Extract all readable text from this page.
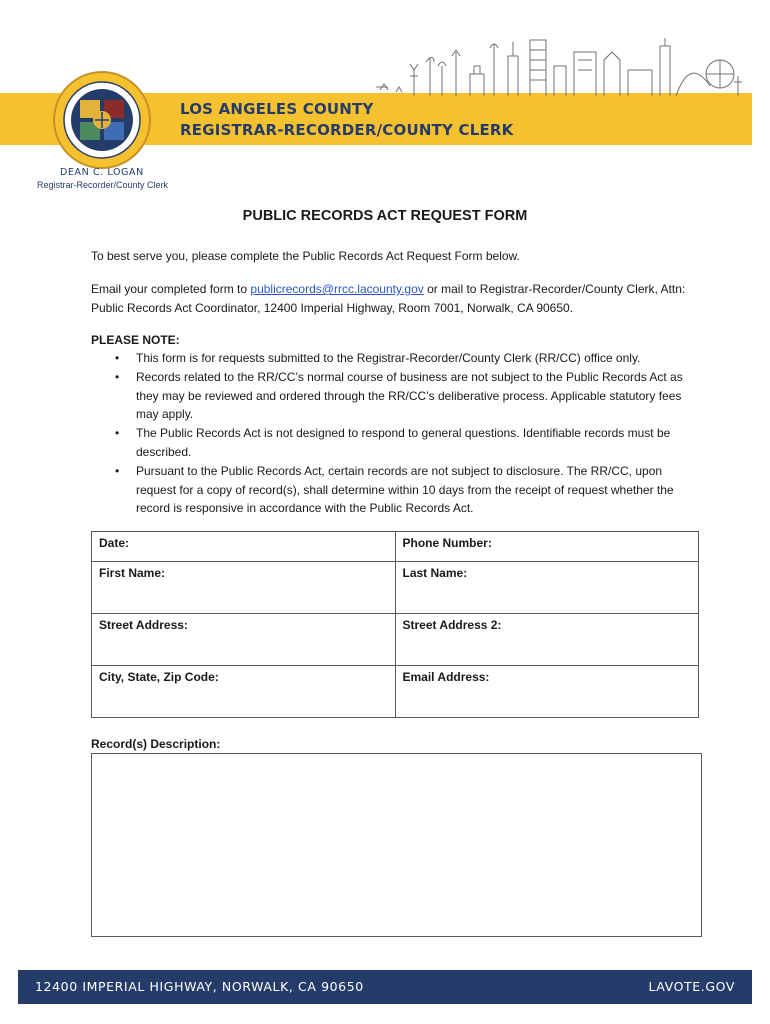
LOS ANGELES COUNTY
REGISTRAR-RECORDER/COUNTY CLERK
DEAN C. LOGAN
Registrar-Recorder/County Clerk
PUBLIC RECORDS ACT REQUEST FORM
To best serve you, please complete the Public Records Act Request Form below.
Email your completed form to publicrecords@rrcc.lacounty.gov or mail to Registrar-Recorder/County Clerk, Attn: Public Records Act Coordinator, 12400 Imperial Highway, Room 7001, Norwalk, CA 90650.
PLEASE NOTE:
• This form is for requests submitted to the Registrar-Recorder/County Clerk (RR/CC) office only.
• Records related to the RR/CC’s normal course of business are not subject to the Public Records Act as they may be reviewed and ordered through the RR/CC’s deliberative process. Applicable statutory fees may apply.
• The Public Records Act is not designed to respond to general questions. Identifiable records must be described.
• Pursuant to the Public Records Act, certain records are not subject to disclosure. The RR/CC, upon request for a copy of record(s), shall determine within 10 days from the receipt of request whether the record is responsive in accordance with the Public Records Act.
Date:	Phone Number:
First Name:	Last Name:
Street Address:	Street Address 2:
City, State, Zip Code:	Email Address:
Record(s) Description:
12400 IMPERIAL HIGHWAY, NORWALK, CA 90650	LAVOTE.GOV
